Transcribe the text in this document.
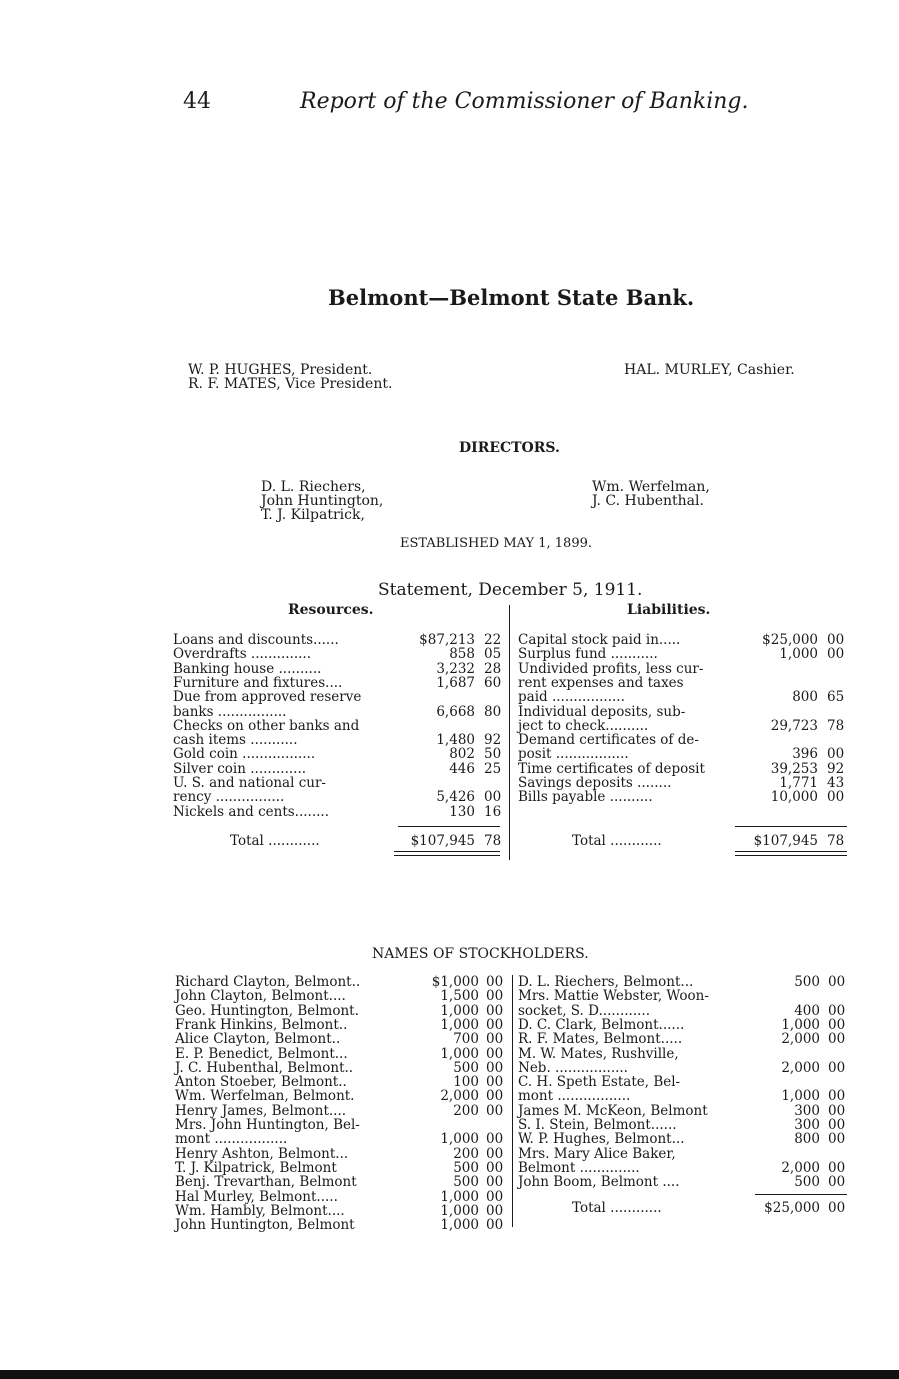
44	Report of the Commissioner of Banking.
Belmont—Belmont State Bank.
W. P. HUGHES, President.
R. F. MATES, Vice President.
HAL. MURLEY, Cashier.
DIRECTORS.
D. L. Riechers,
John Huntington,
T. J. Kilpatrick,
Wm. Werfelman,
J. C. Hubenthal.
ESTABLISHED MAY 1, 1899.
Statement, December 5, 1911.
Resources.	Liabilities.
Loans and discounts......	$87,213 22
Overdrafts ..............	858 05
Banking house ..........	3,232 28
Furniture and fixtures....	1,687 60
Due from approved reserve
banks ................	6,668 80
Checks on other banks and
cash items ...........	1,480 92
Gold coin .................	802 50
Silver coin .............	446 25
U. S. and national cur-
rency ................	5,426 00
Nickels and cents........	130 16
Capital stock paid in.....	$25,000 00
Surplus fund ...........	1,000 00
Undivided profits, less cur-
rent expenses and taxes
paid .................	800 65
Individual deposits, sub-
ject to check..........	29,723 78
Demand certificates of de-
posit .................	396 00
Time certificates of deposit	39,253 92
Savings deposits ........	1,771 43
Bills payable ..........	10,000 00
Total ............	$107,945 78	Total ............	$107,945 78
NAMES OF STOCKHOLDERS.
Richard Clayton, Belmont..	$1,000 00
John Clayton, Belmont....	1,500 00
Geo. Huntington, Belmont.	1,000 00
Frank Hinkins, Belmont..	1,000 00
Alice Clayton, Belmont..	700 00
E. P. Benedict, Belmont...	1,000 00
J. C. Hubenthal, Belmont..	500 00
Anton Stoeber, Belmont..	100 00
Wm. Werfelman, Belmont.	2,000 00
Henry James, Belmont....	200 00
Mrs. John Huntington, Bel-
mont .................	1,000 00
Henry Ashton, Belmont...	200 00
T. J. Kilpatrick, Belmont	500 00
Benj. Trevarthan, Belmont	500 00
Hal Murley, Belmont.....	1,000 00
Wm. Hambly, Belmont....	1,000 00
John Huntington, Belmont	1,000 00
D. L. Riechers, Belmont...	500 00
Mrs. Mattie Webster, Woon-
socket, S. D............	400 00
D. C. Clark, Belmont......	1,000 00
R. F. Mates, Belmont.....	2,000 00
M. W. Mates, Rushville,
Neb. .................	2,000 00
C. H. Speth Estate, Bel-
mont .................	1,000 00
James M. McKeon, Belmont	300 00
S. I. Stein, Belmont......	300 00
W. P. Hughes, Belmont...	800 00
Mrs. Mary Alice Baker,
Belmont ..............	2,000 00
John Boom, Belmont ....	500 00
Total ............	$25,000 00
